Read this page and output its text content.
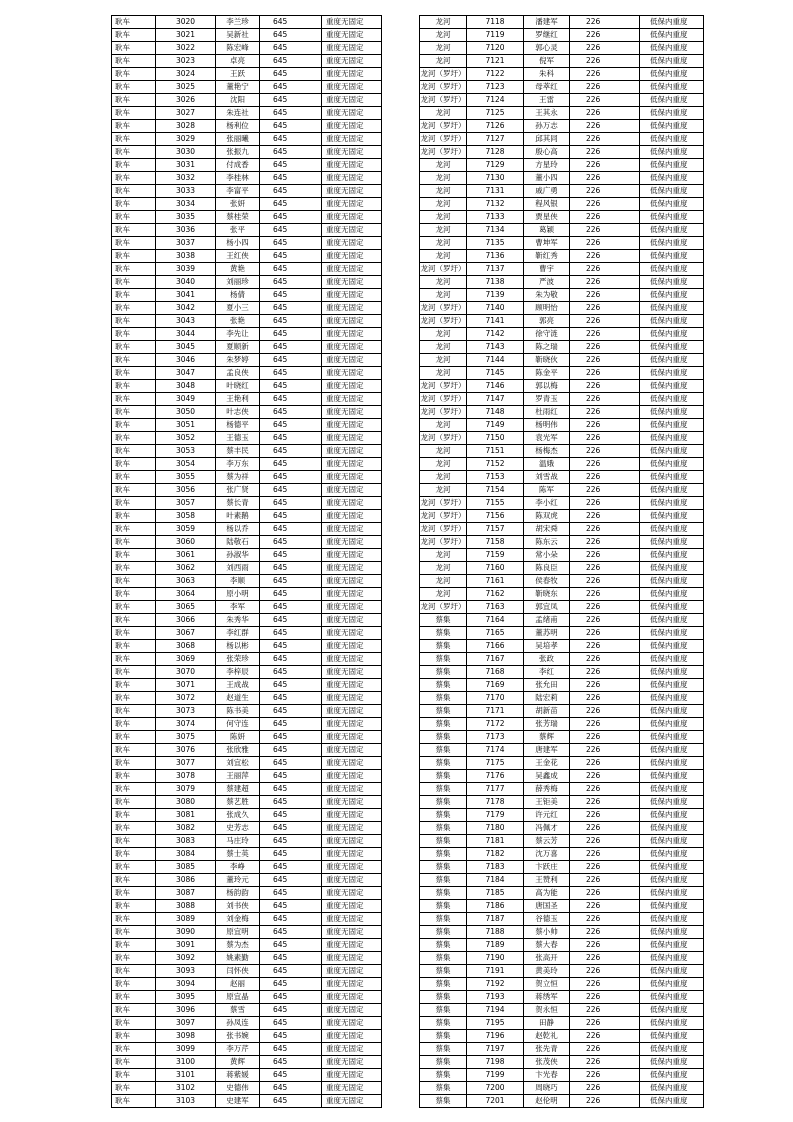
耿车	3020	李兰珍	645	重度无固定
耿车	3021	吴新社	645	重度无固定
耿车	3022	陈宏峰	645	重度无固定
耿车	3023	卓亮	645	重度无固定
耿车	3024	王跃	645	重度无固定
耿车	3025	董艳宁	645	重度无固定
耿车	3026	沈阳	645	重度无固定
耿车	3027	朱连社	645	重度无固定
耿车	3028	杨利位	645	重度无固定
耿车	3029	张丽曦	645	重度无固定
耿车	3030	张振九	645	重度无固定
耿车	3031	付成香	645	重度无固定
耿车	3032	李桂林	645	重度无固定
耿车	3033	李富平	645	重度无固定
耿车	3034	张妍	645	重度无固定
耿车	3035	蔡桂荣	645	重度无固定
耿车	3036	张平	645	重度无固定
耿车	3037	杨小四	645	重度无固定
耿车	3038	王红侠	645	重度无固定
耿车	3039	黄艳	645	重度无固定
耿车	3040	刘丽珍	645	重度无固定
耿车	3041	杨倩	645	重度无固定
耿车	3042	夏小三	645	重度无固定
耿车	3043	张艳	645	重度无固定
耿车	3044	李先让	645	重度无固定
耿车	3045	夏顺新	645	重度无固定
耿车	3046	朱梦婷	645	重度无固定
耿车	3047	孟良侠	645	重度无固定
耿车	3048	叶晓红	645	重度无固定
耿车	3049	王艳利	645	重度无固定
耿车	3050	叶志侠	645	重度无固定
耿车	3051	杨德平	645	重度无固定
耿车	3052	王德玉	645	重度无固定
耿车	3053	蔡丰民	645	重度无固定
耿车	3054	李万东	645	重度无固定
耿车	3055	蔡为祥	645	重度无固定
耿车	3056	张广贤	645	重度无固定
耿车	3057	蔡长青	645	重度无固定
耿车	3058	叶素鹅	645	重度无固定
耿车	3059	杨以乔	645	重度无固定
耿车	3060	陆敬石	645	重度无固定
耿车	3061	孙淑华	645	重度无固定
耿车	3062	刘西雨	645	重度无固定
耿车	3063	李顺	645	重度无固定
耿车	3064	原小明	645	重度无固定
耿车	3065	李军	645	重度无固定
耿车	3066	朱秀华	645	重度无固定
耿车	3067	李红群	645	重度无固定
耿车	3068	杨以彬	645	重度无固定
耿车	3069	张荣珍	645	重度无固定
耿车	3070	李梓辰	645	重度无固定
耿车	3071	王成战	645	重度无固定
耿车	3072	赵道生	645	重度无固定
耿车	3073	陈书美	645	重度无固定
耿车	3074	何守连	645	重度无固定
耿车	3075	陈妍	645	重度无固定
耿车	3076	张欣雅	645	重度无固定
耿车	3077	刘宜松	645	重度无固定
耿车	3078	王丽萍	645	重度无固定
耿车	3079	蔡建超	645	重度无固定
耿车	3080	蔡艺胜	645	重度无固定
耿车	3081	张成久	645	重度无固定
耿车	3082	史芳志	645	重度无固定
耿车	3083	马庄玲	645	重度无固定
耿车	3084	蔡士英	645	重度无固定
耿车	3085	李峥	645	重度无固定
耿车	3086	董玲元	645	重度无固定
耿车	3087	杨韵韵	645	重度无固定
耿车	3088	刘书侠	645	重度无固定
耿车	3089	刘金梅	645	重度无固定
耿车	3090	原宜明	645	重度无固定
耿车	3091	蔡为杰	645	重度无固定
耿车	3092	姚素勤	645	重度无固定
耿车	3093	闫怀侠	645	重度无固定
耿车	3094	赵丽	645	重度无固定
耿车	3095	原宜晶	645	重度无固定
耿车	3096	蔡雪	645	重度无固定
耿车	3097	孙凤连	645	重度无固定
耿车	3098	张书婉	645	重度无固定
耿车	3099	李万芹	645	重度无固定
耿车	3100	黄辉	645	重度无固定
耿车	3101	蒋紫媛	645	重度无固定
耿车	3102	史德伟	645	重度无固定
耿车	3103	史建军	645	重度无固定
龙河	7118	潘建军	226	低保内重度
龙河	7119	罗继红	226	低保内重度
龙河	7120	郭心灵	226	低保内重度
龙河	7121	倪军	226	低保内重度
龙河（罗圩）	7122	朱科	226	低保内重度
龙河（罗圩）	7123	母萃红	226	低保内重度
龙河（罗圩）	7124	王雷	226	低保内重度
龙河	7125	王其永	226	低保内重度
龙河（罗圩）	7126	孙万志	226	低保内重度
龙河（罗圩）	7127	邱其同	226	低保内重度
龙河（罗圩）	7128	殷心高	226	低保内重度
龙河	7129	方星玲	226	低保内重度
龙河	7130	董小四	226	低保内重度
龙河	7131	戚广勇	226	低保内重度
龙河	7132	程风银	226	低保内重度
龙河	7133	贾星侠	226	低保内重度
龙河	7134	葛颖	226	低保内重度
龙河	7135	曹坤军	226	低保内重度
龙河	7136	靳红秀	226	低保内重度
龙河（罗圩）	7137	曹宇	226	低保内重度
龙河	7138	严波	226	低保内重度
龙河	7139	朱为敬	226	低保内重度
龙河（罗圩）	7140	顾明怡	226	低保内重度
龙河（罗圩）	7141	郭亮	226	低保内重度
龙河	7142	徐守涟	226	低保内重度
龙河	7143	陈之瑞	226	低保内重度
龙河	7144	靳晓伙	226	低保内重度
龙河	7145	陈金平	226	低保内重度
龙河（罗圩）	7146	郭以梅	226	低保内重度
龙河（罗圩）	7147	罗青玉	226	低保内重度
龙河（罗圩）	7148	杜雨红	226	低保内重度
龙河	7149	杨明伟	226	低保内重度
龙河（罗圩）	7150	袁光军	226	低保内重度
龙河	7151	杨梅杰	226	低保内重度
龙河	7152	温娥	226	低保内重度
龙河	7153	刘雪战	226	低保内重度
龙河	7154	陈军	226	低保内重度
龙河（罗圩）	7155	李小红	226	低保内重度
龙河（罗圩）	7156	陈双虎	226	低保内重度
龙河（罗圩）	7157	胡宋舜	226	低保内重度
龙河（罗圩）	7158	陈东云	226	低保内重度
龙河	7159	常小朵	226	低保内重度
龙河	7160	陈良臣	226	低保内重度
龙河	7161	侯春牧	226	低保内重度
龙河	7162	靳晓东	226	低保内重度
龙河（罗圩）	7163	郭宜凤	226	低保内重度
蔡集	7164	孟绪甫	226	低保内重度
蔡集	7165	董苏明	226	低保内重度
蔡集	7166	吴培孝	226	低保内重度
蔡集	7167	张政	226	低保内重度
蔡集	7168	李红	226	低保内重度
蔡集	7169	张允田	226	低保内重度
蔡集	7170	陆宏莉	226	低保内重度
蔡集	7171	胡新苗	226	低保内重度
蔡集	7172	张芳瑞	226	低保内重度
蔡集	7173	蔡辉	226	低保内重度
蔡集	7174	唐建军	226	低保内重度
蔡集	7175	王金花	226	低保内重度
蔡集	7176	吴鑫成	226	低保内重度
蔡集	7177	薛秀梅	226	低保内重度
蔡集	7178	王钜美	226	低保内重度
蔡集	7179	许元红	226	低保内重度
蔡集	7180	冯佩才	226	低保内重度
蔡集	7181	蔡云芳	226	低保内重度
蔡集	7182	沈万喜	226	低保内重度
蔡集	7183	卞跃庄	226	低保内重度
蔡集	7184	王赞利	226	低保内重度
蔡集	7185	高为能	226	低保内重度
蔡集	7186	唐国圣	226	低保内重度
蔡集	7187	谷德玉	226	低保内重度
蔡集	7188	蔡小帅	226	低保内重度
蔡集	7189	蔡大春	226	低保内重度
蔡集	7190	张高开	226	低保内重度
蔡集	7191	黄美玲	226	低保内重度
蔡集	7192	贺立恒	226	低保内重度
蔡集	7193	蒋绣军	226	低保内重度
蔡集	7194	贺永恒	226	低保内重度
蔡集	7195	田静	226	低保内重度
蔡集	7196	赵乾礼	226	低保内重度
蔡集	7197	张先青	226	低保内重度
蔡集	7198	张茂侠	226	低保内重度
蔡集	7199	卞光春	226	低保内重度
蔡集	7200	周晓巧	226	低保内重度
蔡集	7201	赵伦明	226	低保内重度
